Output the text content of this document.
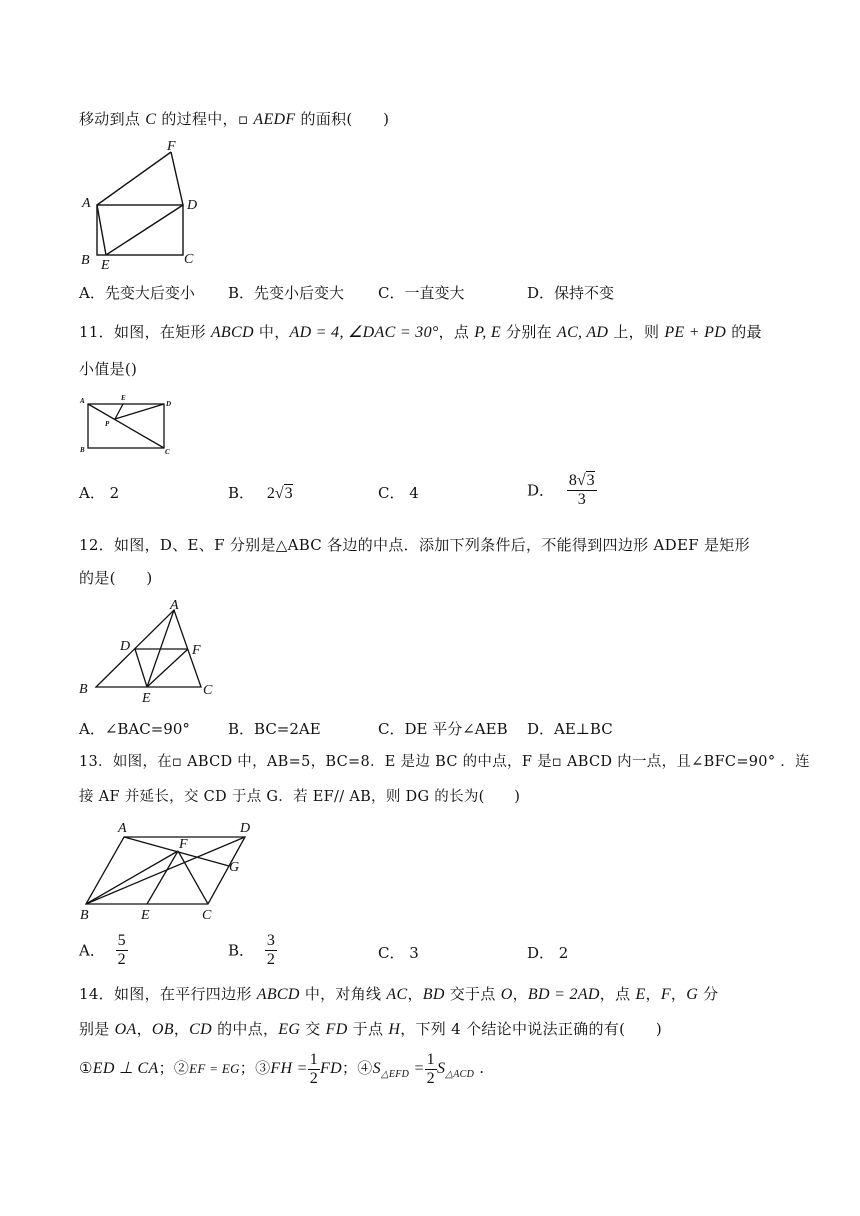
移动到点 C 的过程中，▫ AEDF 的面积(　　)
F
A	D
B E	C
A．先变大后变小 B．先变小后变大 C．一直变大	D．保持不变
11．如图，在矩形 ABCD 中，AD = 4, ∠DAC = 30°，点 P, E 分别在 AC, AD 上，则 PE + PD 的最
小值是()
A	E
D
P
B	C
A． 2	B． 2√3	C． 4	D． $\frac{8√3}{3}$
12．如图，D、E、F 分别是△ABC 各边的中点．添加下列条件后，不能得到四边形 ADEF 是矩形
的是(　　)
A
D	F
B
E
C
A．∠BAC=90°	B．BC=2AE	C．DE 平分∠AEB D．AE⊥BC
13．如图，在▫ ABCD 中，AB=5，BC=8．E 是边 BC 的中点，F 是▫ ABCD 内一点，且∠BFC=90° ．连
接 AF 并延长，交 CD 于点 G．若 EF// AB，则 DG 的长为(　　)
A	D
F
G
B	E	C
A． $\frac{5}{2}$	B． $\frac{3}{2}$	C． 3	D． 2
14．如图，在平行四边形 ABCD 中，对角线 AC，BD 交于点 O，BD = 2AD，点 E，F，G 分
别是 OA，OB，CD 的中点，EG 交 FD 于点 H，下列 4 个结论中说法正确的有(　　)
①ED ⊥ CA；②EF = EG；③FH = $\frac{1}{2}$ FD；$④S_{\triangle EFD} = \frac{1}{2} S_{\triangle ACD}$ .
